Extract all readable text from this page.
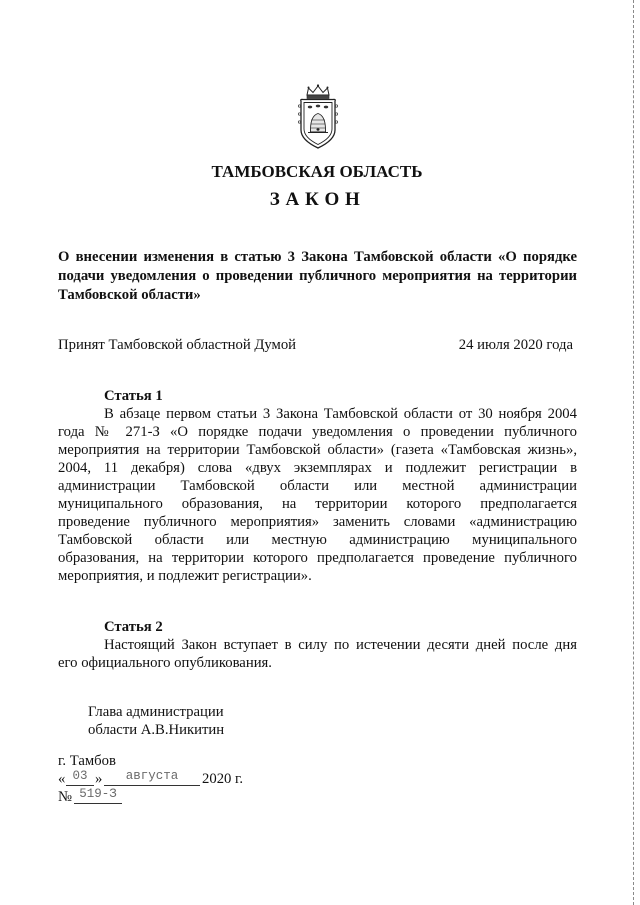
ТАМБОВСКАЯ ОБЛАСТЬ
З А К О Н
О внесении изменения в статью 3 Закона Тамбовской области «О порядке
подачи уведомления о проведении публичного мероприятия на территории
Тамбовской области»
Принят Тамбовской областной Думой	24 июля 2020 года
Статья 1
В абзаце первом статьи 3 Закона Тамбовской области от 30 ноября 2004
года № 271-З «О порядке подачи уведомления о проведении публичного
мероприятия на территории Тамбовской области» (газета «Тамбовская жизнь»,
2004, 11 декабря) слова «двух экземплярах и подлежит регистрации в
администрации Тамбовской области или местной администрации
муниципального образования, на территории которого предполагается
проведение публичного мероприятия» заменить словами «администрацию
Тамбовской области или местную администрацию муниципального
образования, на территории которого предполагается проведение публичного
мероприятия, и подлежит регистрации».
Статья 2
Настоящий Закон вступает в силу по истечении десяти дней после дня
его официального опубликования.
Глава администрации
области А.В.Никитин
г. Тамбов
« 03 »	августа	2020 г.
№ 519-З
